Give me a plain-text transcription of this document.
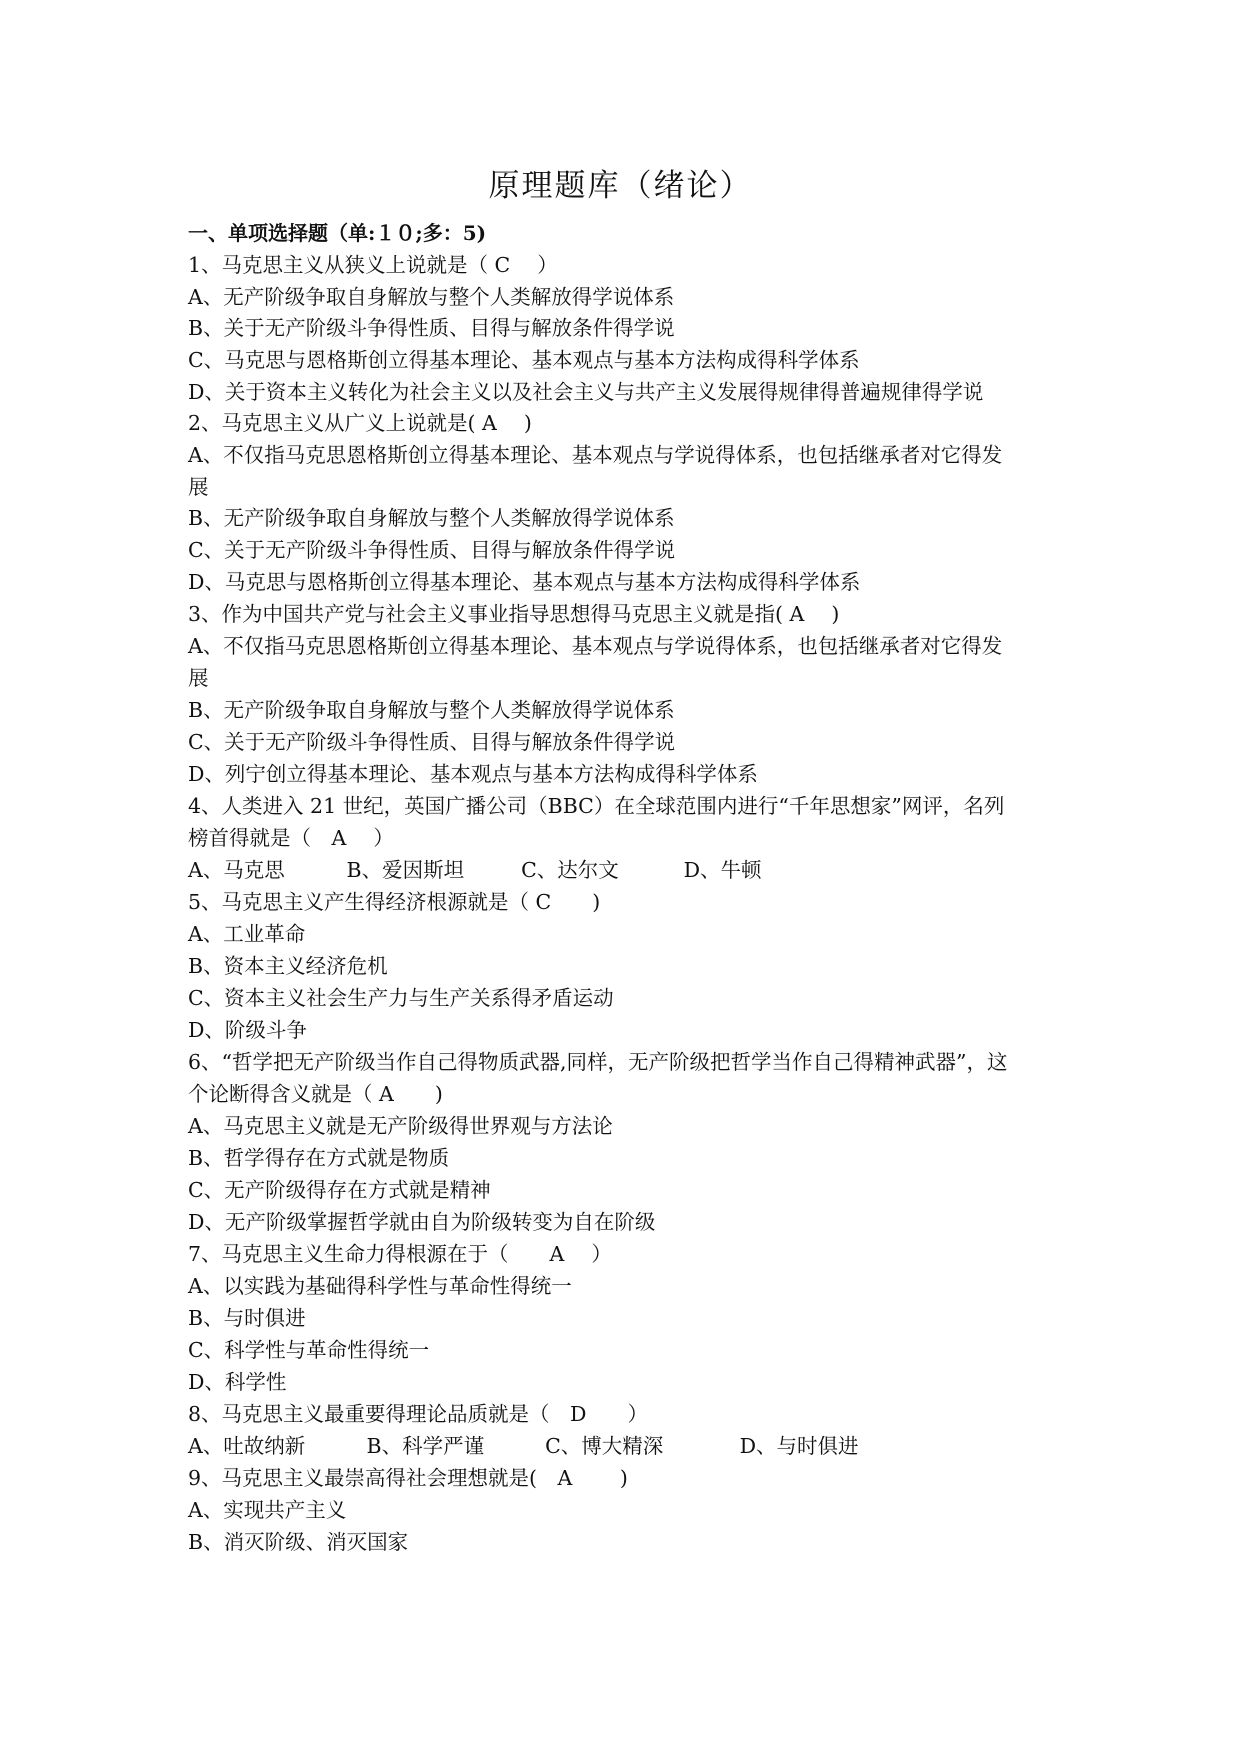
原理题库（绪论）
一、单项选择题（单:１０;多：5)
1、马克思主义从狭义上说就是（ C　 ）
A、无产阶级争取自身解放与整个人类解放得学说体系
B、关于无产阶级斗争得性质、目得与解放条件得学说
C、马克思与恩格斯创立得基本理论、基本观点与基本方法构成得科学体系
D、关于资本主义转化为社会主义以及社会主义与共产主义发展得规律得普遍规律得学说
2、马克思主义从广义上说就是( A　 )
A、不仅指马克思恩格斯创立得基本理论、基本观点与学说得体系，也包括继承者对它得发
展
B、无产阶级争取自身解放与整个人类解放得学说体系
C、关于无产阶级斗争得性质、目得与解放条件得学说
D、马克思与恩格斯创立得基本理论、基本观点与基本方法构成得科学体系
3、作为中国共产党与社会主义事业指导思想得马克思主义就是指( A　 )
A、不仅指马克思恩格斯创立得基本理论、基本观点与学说得体系，也包括继承者对它得发
展
B、无产阶级争取自身解放与整个人类解放得学说体系
C、关于无产阶级斗争得性质、目得与解放条件得学说
D、列宁创立得基本理论、基本观点与基本方法构成得科学体系
4、人类进入 21 世纪，英国广播公司（BBC）在全球范围内进行“千年思想家”网评，名列
榜首得就是（　A　 ）
A、马克思	B、爱因斯坦	C、达尔文	D、牛顿
5、马克思主义产生得经济根源就是（ C　　)
A、工业革命
B、资本主义经济危机
C、资本主义社会生产力与生产关系得矛盾运动
D、阶级斗争
6、“哲学把无产阶级当作自己得物质武器,同样，无产阶级把哲学当作自己得精神武器”，这
个论断得含义就是（ A　　)
A、马克思主义就是无产阶级得世界观与方法论
B、哲学得存在方式就是物质
C、无产阶级得存在方式就是精神
D、无产阶级掌握哲学就由自为阶级转变为自在阶级
7、马克思主义生命力得根源在于（　　A　 ）
A、以实践为基础得科学性与革命性得统一
B、与时俱进
C、科学性与革命性得统一
D、科学性
8、马克思主义最重要得理论品质就是（　D　　）
A、吐故纳新	B、科学严谨	C、博大精深	D、与时俱进
9、马克思主义最崇高得社会理想就是(　A　　 )
A、实现共产主义
B、消灭阶级、消灭国家
